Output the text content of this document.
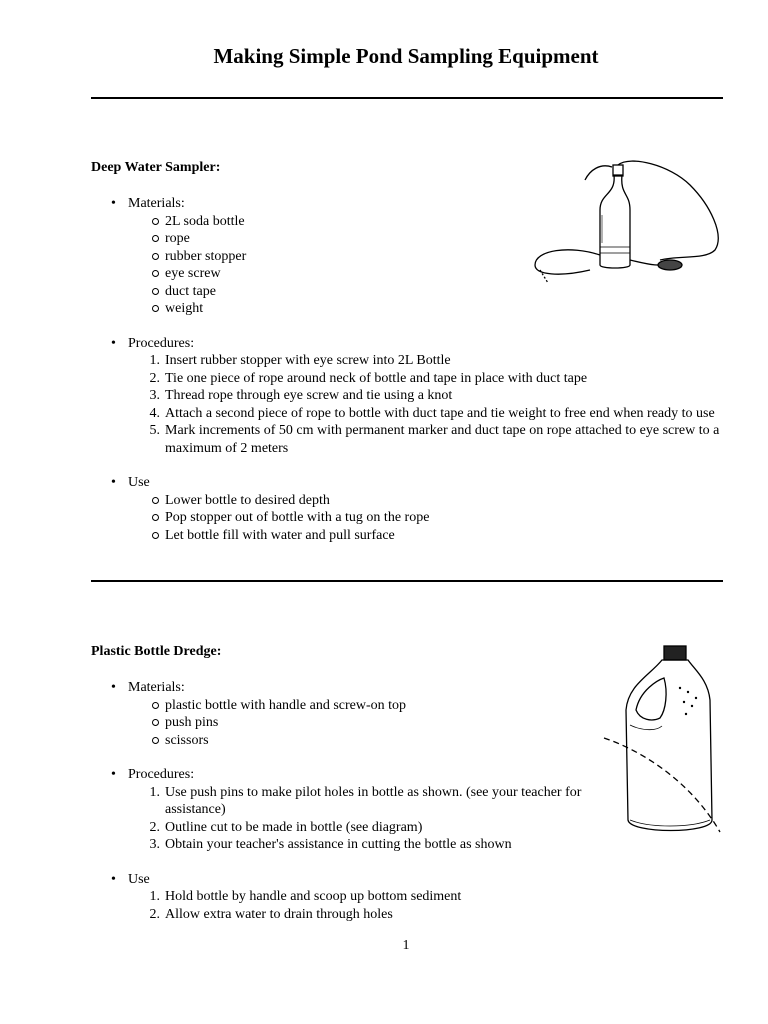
Making Simple Pond Sampling Equipment
Deep Water Sampler:
• Materials:
2L soda bottle
rope
rubber stopper
eye screw
duct tape
weight
• Procedures:
1. Insert rubber stopper with eye screw into 2L Bottle
2. Tie one piece of rope around neck of bottle and tape in place with duct tape
3. Thread rope through eye screw and tie using a knot
4. Attach a second piece of rope to bottle with duct tape and tie weight to free end when ready to use
5. Mark increments of 50 cm with permanent marker and duct tape on rope attached to eye screw to a maximum of 2 meters
• Use
Lower bottle to desired depth
Pop stopper out of bottle with a tug on the rope
Let bottle fill with water and pull surface
Plastic Bottle Dredge:
• Materials:
plastic bottle with handle and screw-on top
push pins
scissors
• Procedures:
1. Use push pins to make pilot holes in bottle as shown. (see your teacher for assistance)
2. Outline cut to be made in bottle (see diagram)
3. Obtain your teacher's assistance in cutting the bottle as shown
• Use
1. Hold bottle by handle and scoop up bottom sediment
2. Allow extra water to drain through holes
1
